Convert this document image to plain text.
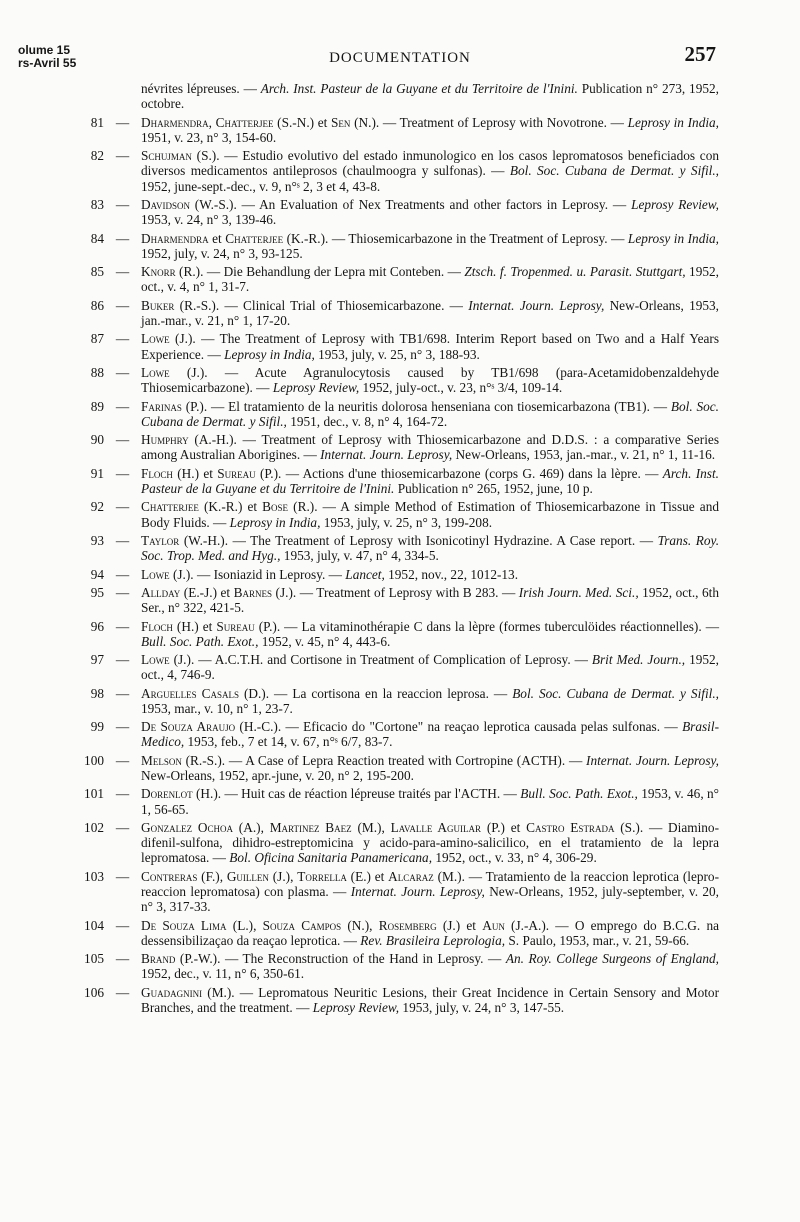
olume 15
rs-Avril 55	DOCUMENTATION	257
névrites lépreuses. — Arch. Inst. Pasteur de la Guyane et du Territoire de l'Inini. Publication n° 273, 1952, octobre.
81 — Dharmendra, Chatterjee (S.-N.) et Sen (N.). — Treatment of Leprosy with Novotrone. — Leprosy in India, 1951, v. 23, n° 3, 154-60.
82 — Schujman (S.). — Estudio evolutivo del estado inmunologico en los casos lepromatosos beneficiados con diversos medicamentos antileprosos (chaulmoogra y sulfonas). — Bol. Soc. Cubana de Dermat. y Sifil., 1952, june-sept.-dec., v. 9, n°ˢ 2, 3 et 4, 43-8.
83 — Davidson (W.-S.). — An Evaluation of Nex Treatments and other factors in Leprosy. — Leprosy Review, 1953, v. 24, n° 3, 139-46.
84 — Dharmendra et Chatterjee (K.-R.). — Thiosemicarbazone in the Treatment of Leprosy. — Leprosy in India, 1952, july, v. 24, n° 3, 93-125.
85 — Knorr (R.). — Die Behandlung der Lepra mit Conteben. — Ztsch. f. Tropenmed. u. Parasit. Stuttgart, 1952, oct., v. 4, n° 1, 31-7.
86 — Buker (R.-S.). — Clinical Trial of Thiosemicarbazone. — Internat. Journ. Leprosy, New-Orleans, 1953, jan.-mar., v. 21, n° 1, 17-20.
87 — Lowe (J.). — The Treatment of Leprosy with TB1/698. Interim Report based on Two and a Half Years Experience. — Leprosy in India, 1953, july, v. 25, n° 3, 188-93.
88 — Lowe (J.). — Acute Agranulocytosis caused by TB1/698 (para-Acetamidobenzaldehyde Thiosemicarbazone). — Leprosy Review, 1952, july-oct., v. 23, n°ˢ 3/4, 109-14.
89 — Farinas (P.). — El tratamiento de la neuritis dolorosa henseniana con tiosemicarbazona (TB1). — Bol. Soc. Cubana de Dermat. y Sifil., 1951, dec., v. 8, n° 4, 164-72.
90 — Humphry (A.-H.). — Treatment of Leprosy with Thiosemicarbazone and D.D.S. : a comparative Series among Australian Aborigines. — Internat. Journ. Leprosy, New-Orleans, 1953, jan.-mar., v. 21, n° 1, 11-16.
91 — Floch (H.) et Sureau (P.). — Actions d'une thiosemicarbazone (corps G. 469) dans la lèpre. — Arch. Inst. Pasteur de la Guyane et du Territoire de l'Inini. Publication n° 265, 1952, june, 10 p.
92 — Chatterjee (K.-R.) et Bose (R.). — A simple Method of Estimation of Thiosemicarbazone in Tissue and Body Fluids. — Leprosy in India, 1953, july, v. 25, n° 3, 199-208.
93 — Taylor (W.-H.). — The Treatment of Leprosy with Isonicotinyl Hydrazine. A Case report. — Trans. Roy. Soc. Trop. Med. and Hyg., 1953, july, v. 47, n° 4, 334-5.
94 — Lowe (J.). — Isoniazid in Leprosy. — Lancet, 1952, nov., 22, 1012-13.
95 — Allday (E.-J.) et Barnes (J.). — Treatment of Leprosy with B 283. — Irish Journ. Med. Sci., 1952, oct., 6th Ser., n° 322, 421-5.
96 — Floch (H.) et Sureau (P.). — La vitaminothérapie C dans la lèpre (formes tuberculöides réactionnelles). — Bull. Soc. Path. Exot., 1952, v. 45, n° 4, 443-6.
97 — Lowe (J.). — A.C.T.H. and Cortisone in Treatment of Complication of Leprosy. — Brit Med. Journ., 1952, oct., 4, 746-9.
98 — Arguelles Casals (D.). — La cortisona en la reaccion leprosa. — Bol. Soc. Cubana de Dermat. y Sifil., 1953, mar., v. 10, n° 1, 23-7.
99 — De Souza Araujo (H.-C.). — Eficacio do "Cortone" na reaçao leprotica causada pelas sulfonas. — Brasil-Medico, 1953, feb., 7 et 14, v. 67, n°ˢ 6/7, 83-7.
100 — Melson (R.-S.). — A Case of Lepra Reaction treated with Cortropine (ACTH). — Internat. Journ. Leprosy, New-Orleans, 1952, apr.-june, v. 20, n° 2, 195-200.
101 — Dorenlot (H.). — Huit cas de réaction lépreuse traités par l'ACTH. — Bull. Soc. Path. Exot., 1953, v. 46, n° 1, 56-65.
102 — Gonzalez Ochoa (A.), Martinez Baez (M.), Lavalle Aguilar (P.) et Castro Estrada (S.). — Diamino-difenil-sulfona, dihidro-estreptomicina y acido-para-amino-salicilico, en el tratamiento de la lepra lepromatosa. — Bol. Oficina Sanitaria Panamericana, 1952, oct., v. 33, n° 4, 306-29.
103 — Contreras (F.), Guillen (J.), Torrella (E.) et Alcaraz (M.). — Tratamiento de la reaccion leprotica (lepro-reaccion lepromatosa) con plasma. — Internat. Journ. Leprosy, New-Orleans, 1952, july-september, v. 20, n° 3, 317-33.
104 — De Souza Lima (L.), Souza Campos (N.), Rosemberg (J.) et Aun (J.-A.). — O emprego do B.C.G. na dessensibilizaçao da reaçao leprotica. — Rev. Brasileira Leprologia, S. Paulo, 1953, mar., v. 21, 59-66.
105 — Brand (P.-W.). — The Reconstruction of the Hand in Leprosy. — An. Roy. College Surgeons of England, 1952, dec., v. 11, n° 6, 350-61.
106 — Guadagnini (M.). — Lepromatous Neuritic Lesions, their Great Incidence in Certain Sensory and Motor Branches, and the treatment. — Leprosy Review, 1953, july, v. 24, n° 3, 147-55.
